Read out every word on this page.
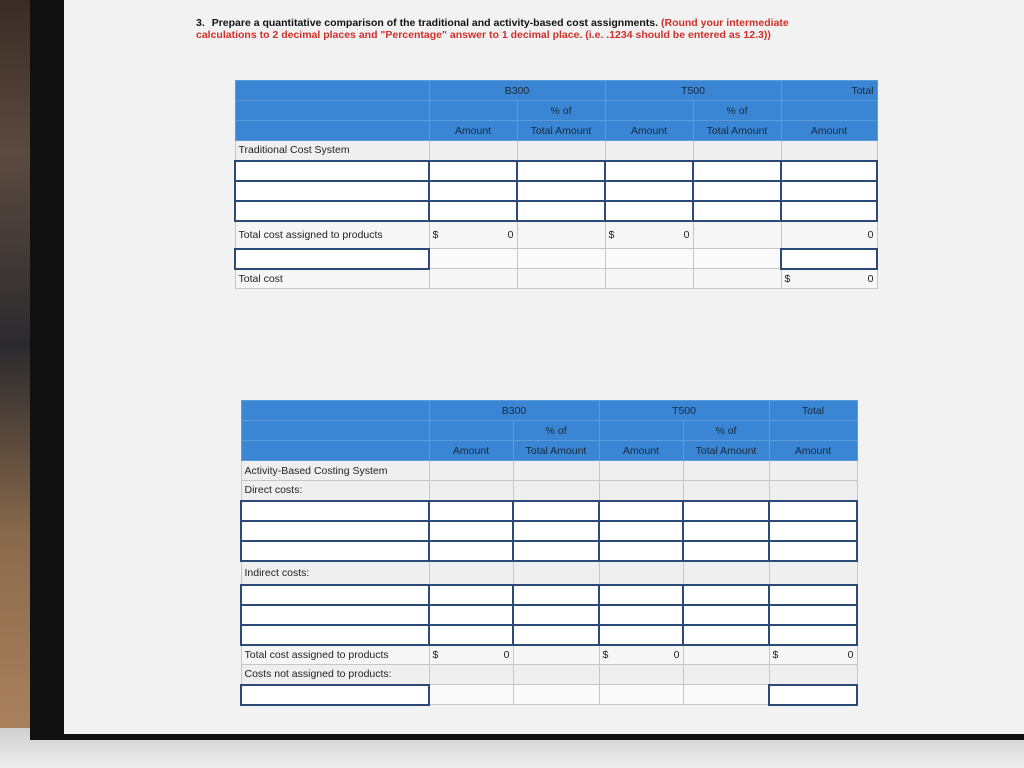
3. Prepare a quantitative comparison of the traditional and activity-based cost assignments. (Round your intermediate calculations to 2 decimal places and "Percentage" answer to 1 decimal place. (i.e. .1234 should be entered as 12.3))
	B300		T500		Total
		% of		% of	
	Amount	Total Amount	Amount	Total Amount	Amount
Traditional Cost System					

Total cost assigned to products	$ 0		$ 0		0

Total cost					$ 0
	B300		T500		Total
		% of		% of	
	Amount	Total Amount	Amount	Total Amount	Amount
Activity-Based Costing System					
Direct costs:					

Indirect costs:					

Total cost assigned to products	$ 0		$ 0		$ 0

Costs not assigned to products:					
